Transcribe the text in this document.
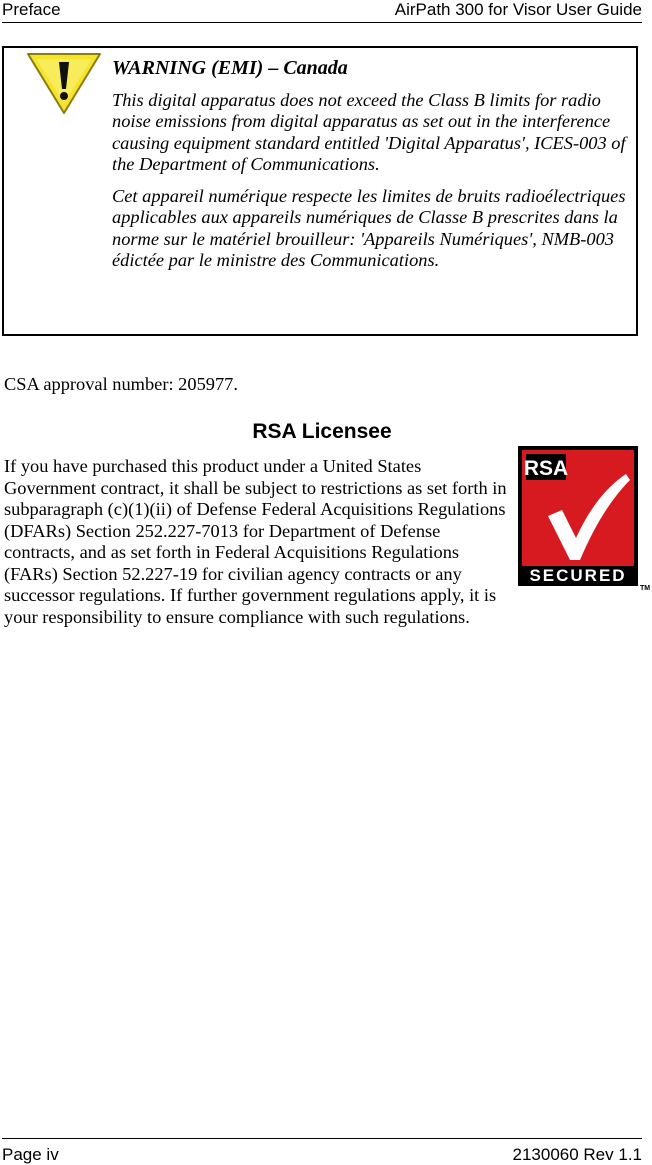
Preface	AirPath 300 for Visor User Guide
WARNING (EMI) – Canada

This digital apparatus does not exceed the Class B limits for radio noise emissions from digital apparatus as set out in the interference causing equipment standard entitled 'Digital Apparatus', ICES-003 of the Department of Communications.

Cet appareil numérique respecte les limites de bruits radioélectriques applicables aux appareils numériques de Classe B prescrites dans la norme sur le matériel brouilleur: 'Appareils Numériques', NMB-003 édictée par le ministre des Communications.

CSA approval number: 205977.
RSA Licensee
RSA
SECURED
TM
If you have purchased this product under a United States Government contract, it shall be subject to restrictions as set forth in subparagraph (c)(1)(ii) of Defense Federal Acquisitions Regulations (DFARs) Section 252.227-7013 for Department of Defense contracts, and as set forth in Federal Acquisitions Regulations (FARs) Section 52.227-19 for civilian agency contracts or any successor regulations. If further government regulations apply, it is your responsibility to ensure compliance with such regulations.
Page iv	2130060 Rev 1.1
